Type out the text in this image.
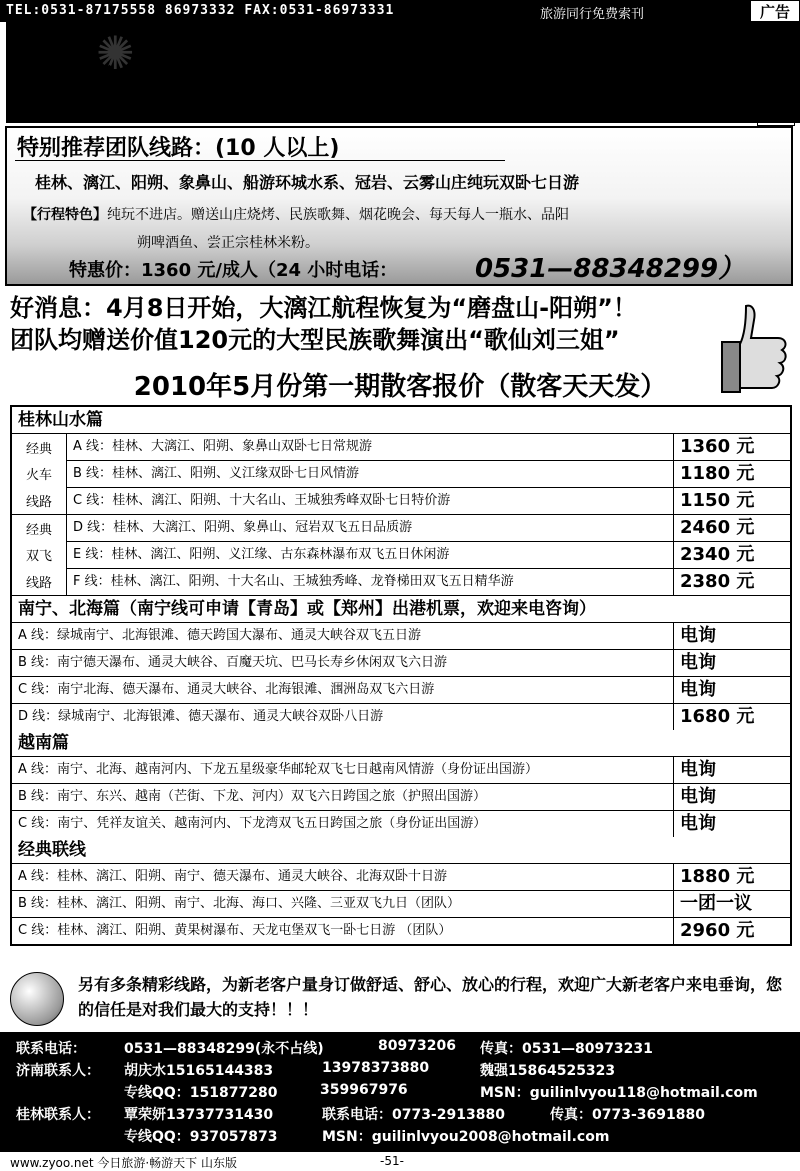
TEL:0531-87175558 86973332 FAX:0531-86973331	旅游同行免费索刊	广告
✺
新旅程
NEW TRAVEL
旅游同业操作中心 打造南国品质旅游
桂林、南宁、北海、越南专线
旅品
游质
特别推荐团队线路：(10 人以上)
桂林、漓江、阳朔、象鼻山、船游环城水系、冠岩、云雾山庄纯玩双卧七日游
【行程特色】纯玩不进店。赠送山庄烧烤、民族歌舞、烟花晚会、每天每人一瓶水、品阳
朔啤酒鱼、尝正宗桂林米粉。
特惠价：1360 元/成人（24 小时电话：	0531—88348299）
好消息：4月8日开始，大漓江航程恢复为“磨盘山-阳朔”！
团队均赠送价值120元的大型民族歌舞演出“歌仙刘三姐”
2010年5月份第一期散客报价（散客天天发）
桂林山水篇
经典
火车
线路
A 线：桂林、大漓江、阳朔、象鼻山双卧七日常规游	1360 元
B 线：桂林、漓江、阳朔、义江缘双卧七日风情游	1180 元
C 线：桂林、漓江、阳朔、十大名山、王城独秀峰双卧七日特价游	1150 元
经典
双飞
线路
D 线：桂林、大漓江、阳朔、象鼻山、冠岩双飞五日品质游	2460 元
E 线：桂林、漓江、阳朔、义江缘、古东森林瀑布双飞五日休闲游	2340 元
F 线：桂林、漓江、阳朔、十大名山、王城独秀峰、龙脊梯田双飞五日精华游	2380 元
南宁、北海篇（南宁线可申请【青岛】或【郑州】出港机票，欢迎来电咨询）
A 线：绿城南宁、北海银滩、德天跨国大瀑布、通灵大峡谷双飞五日游	电询
B 线：南宁德天瀑布、通灵大峡谷、百魔天坑、巴马长寿乡休闲双飞六日游	电询
C 线：南宁北海、德天瀑布、通灵大峡谷、北海银滩、涠洲岛双飞六日游	电询
D 线：绿城南宁、北海银滩、德天瀑布、通灵大峡谷双卧八日游	1680 元
越南篇
A 线：南宁、北海、越南河内、下龙五星级豪华邮轮双飞七日越南风情游（身份证出国游）	电询
B 线：南宁、东兴、越南（芒街、下龙、河内）双飞六日跨国之旅（护照出国游）	电询
C 线：南宁、凭祥友谊关、越南河内、下龙湾双飞五日跨国之旅（身份证出国游）	电询
经典联线
A 线：桂林、漓江、阳朔、南宁、德天瀑布、通灵大峡谷、北海双卧十日游	1880 元
B 线：桂林、漓江、阳朔、南宁、北海、海口、兴隆、三亚双飞九日（团队）	一团一议
C 线：桂林、漓江、阳朔、黄果树瀑布、天龙屯堡双飞一卧七日游 （团队）	2960 元
另有多条精彩线路，为新老客户量身订做舒适、舒心、放心的行程，欢迎广大新老客户来电垂询，您的信任是对我们最大的支持！！！
联系电话：	0531—88348299(永不占线)	80973206 传真：0531—80973231
济南联系人： 胡庆水15165144383	13978373880	魏强15864525323
专线QQ：151877280	359967976	MSN：guilinlvyou118@hotmail.com
桂林联系人： 覃荣妍13737731430	联系电话：0773-2913880	传真：0773-3691880
专线QQ：937057873	MSN：guilinlvyou2008@hotmail.com
www.zyoo.net 今日旅游·畅游天下 山东版	-51-
